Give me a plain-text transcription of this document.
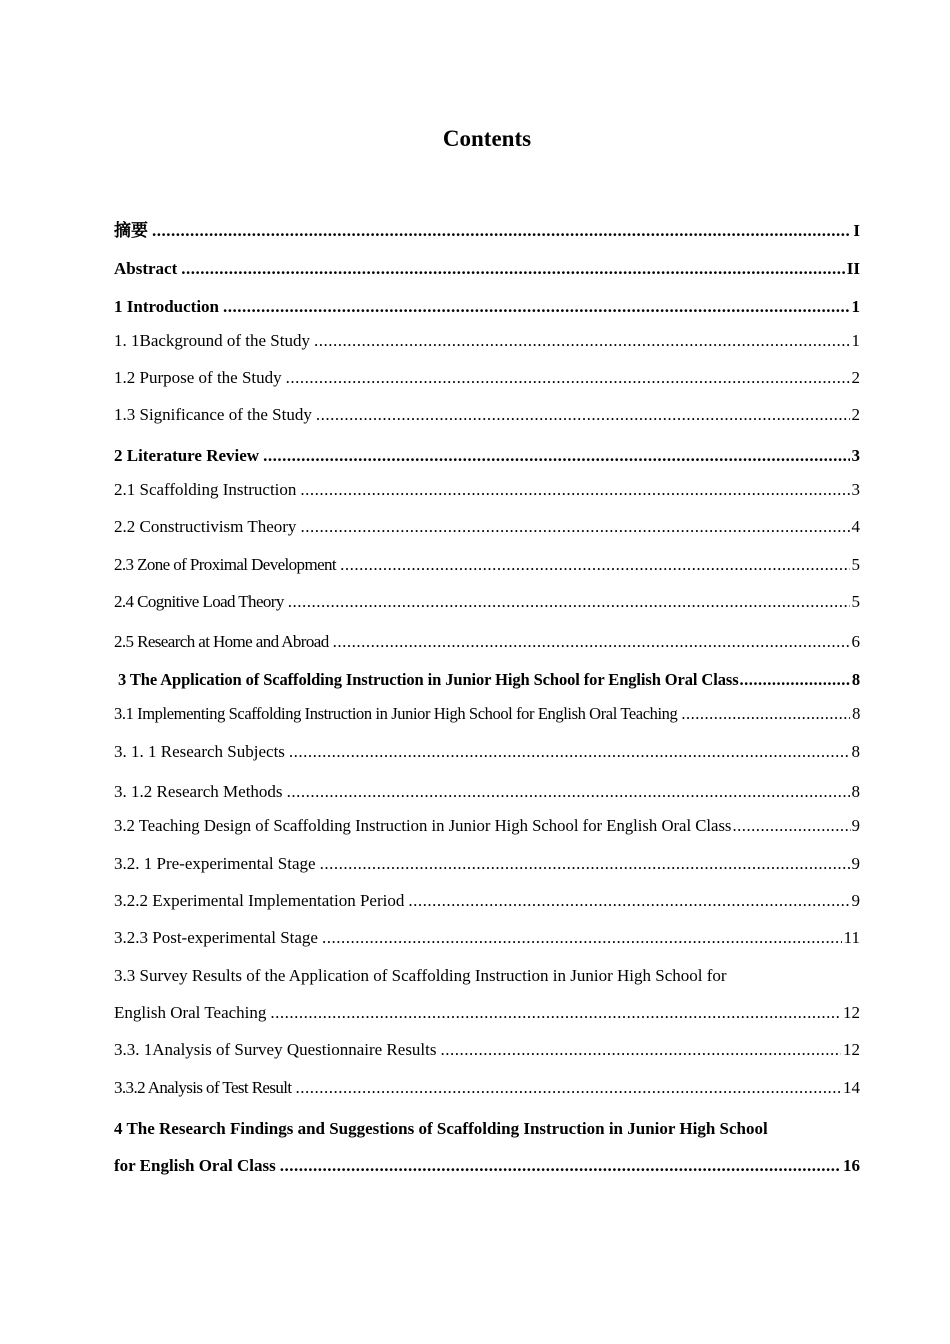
Contents
摘要 .....	I
Abstract .....	II
1 Introduction .....	1
1. 1Background of the Study .....	1
1.2 Purpose of the Study .....	2
1.3 Significance of the Study .....	2
2 Literature Review .....	3
2.1 Scaffolding Instruction .....	3
2.2 Constructivism Theory .....	4
2.3 Zone of Proximal Development .....	5
2.4 Cognitive Load Theory .....	5
2.5 Research at Home and Abroad .....	6
3 The Application of Scaffolding Instruction in Junior High School for English Oral Class .....	8
3.1 Implementing Scaffolding Instruction in Junior High School for English Oral Teaching .....	8
3. 1. 1 Research Subjects .....	8
3. 1.2 Research Methods .....	8
3.2 Teaching Design of Scaffolding Instruction in Junior High School for English Oral Class .....	9
3.2. 1 Pre-experimental Stage .....	9
3.2.2 Experimental Implementation Period .....	9
3.2.3 Post-experimental Stage .....	11
3.3 Survey Results of the Application of Scaffolding Instruction in Junior High School for
English Oral Teaching .....	12
3.3. 1Analysis of Survey Questionnaire Results .....	12
3.3.2 Analysis of Test Result .....	14
4 The Research Findings and Suggestions of Scaffolding Instruction in Junior High School
for English Oral Class .....	16
